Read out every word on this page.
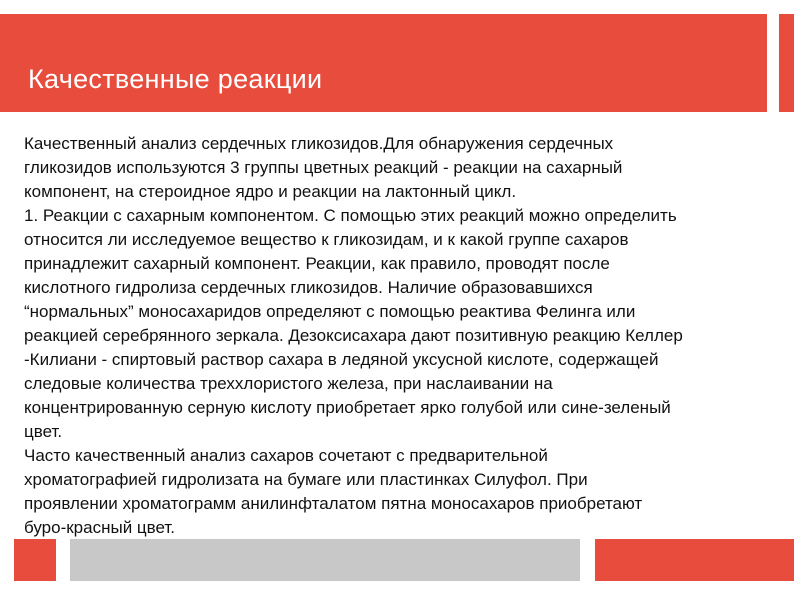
Качественные реакции
Качественный анализ сердечных гликозидов.Для обнаружения сердечных
гликозидов используются 3 группы цветных реакций - реакции на сахарный
компонент, на стероидное ядро и реакции на лактонный цикл.
1. Реакции с сахарным компонентом. С помощью этих реакций можно определить
относится ли исследуемое вещество к гликозидам, и к какой группе сахаров
принадлежит сахарный компонент. Реакции, как правило, проводят после
кислотного гидролиза сердечных гликозидов. Наличие образовавшихся
“нормальных” моносахаридов определяют с помощью реактива Фелинга или
реакцией серебрянного зеркала. Дезоксисахара дают позитивную реакцию Келлер
-Килиани - спиртовый раствор сахара в ледяной уксусной кислоте, содержащей
следовые количества треххлористого железа, при наслаивании на
концентрированную серную кислоту приобретает ярко голубой или сине-зеленый
цвет.
Часто качественный анализ сахаров сочетают с предварительной
хроматографией гидролизата на бумаге или пластинках Силуфол. При
проявлении хроматограмм анилинфталатом пятна моносахаров приобретают
буро-красный цвет.
